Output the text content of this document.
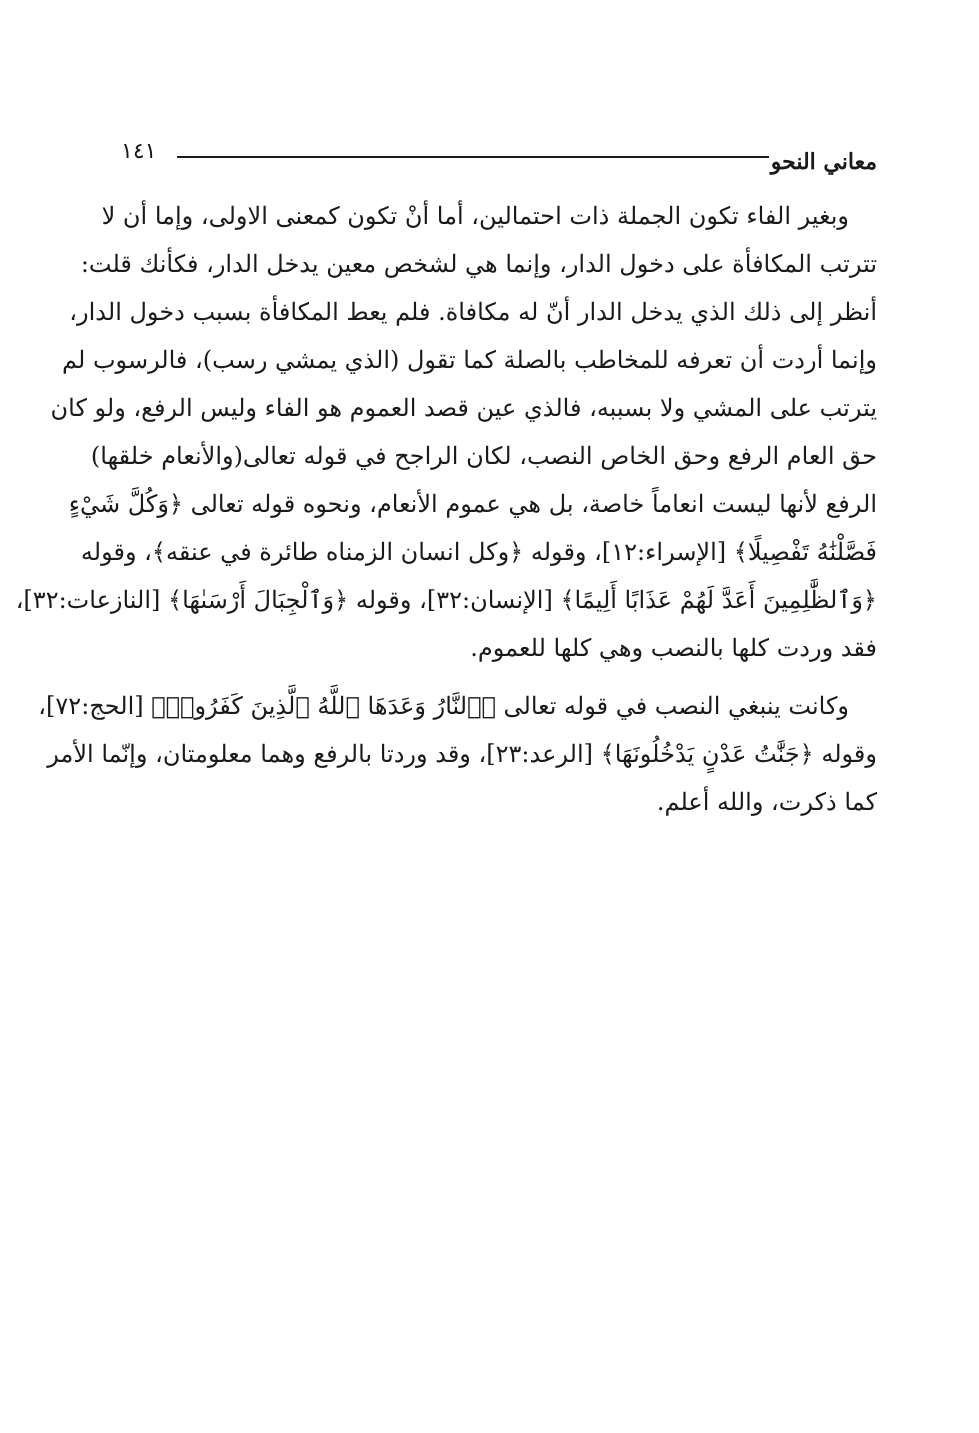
١٤١	معاني النحو
وبغير الفاء تكون الجملة ذات احتمالين، أما أنْ تكون كمعنى الاولى، وإما أن لا
تترتب المكافأة على دخول الدار، وإنما هي لشخص معين يدخل الدار، فكأنك قلت:
أنظر إلى ذلك الذي يدخل الدار أنّ له مكافاة. فلم يعط المكافأة بسبب دخول الدار،
وإنما أردت أن تعرفه للمخاطب بالصلة كما تقول (الذي يمشي رسب)، فالرسوب لم
يترتب على المشي ولا بسببه، فالذي عين قصد العموم هو الفاء وليس الرفع، ولو كان
حق العام الرفع وحق الخاص النصب، لكان الراجح في قوله تعالى(والأنعام خلقها)
الرفع لأنها ليست انعاماً خاصة، بل هي عموم الأنعام، ونحوه قوله تعالى ﴿وَكُلَّ شَيْءٍ
فَصَّلْنَٰهُ تَفْصِيلًا﴾ [الإسراء:١٢]، وقوله ﴿وكل انسان الزمناه طائرة في عنقه﴾، وقوله
﴿وَٱلظَّٰلِمِينَ أَعَدَّ لَهُمْ عَذَابًا أَلِيمًا﴾ [الإنسان:٣٢]، وقوله ﴿وَٱلْجِبَالَ أَرْسَىٰهَا﴾ [النازعات:٣٢]،
فقد وردت كلها بالنصب وهي كلها للعموم.
وكانت ينبغي النصب في قوله تعالى ﴿ٱلنَّارُ وَعَدَهَا ٱللَّهُ ٱلَّذِينَ كَفَرُوا۟﴾ [الحج:٧٢]،
وقوله ﴿جَنَّٰتُ عَدْنٍ يَدْخُلُونَهَا﴾ [الرعد:٢٣]، وقد وردتا بالرفع وهما معلومتان، وإنّما الأمر
كما ذكرت، والله أعلم.
